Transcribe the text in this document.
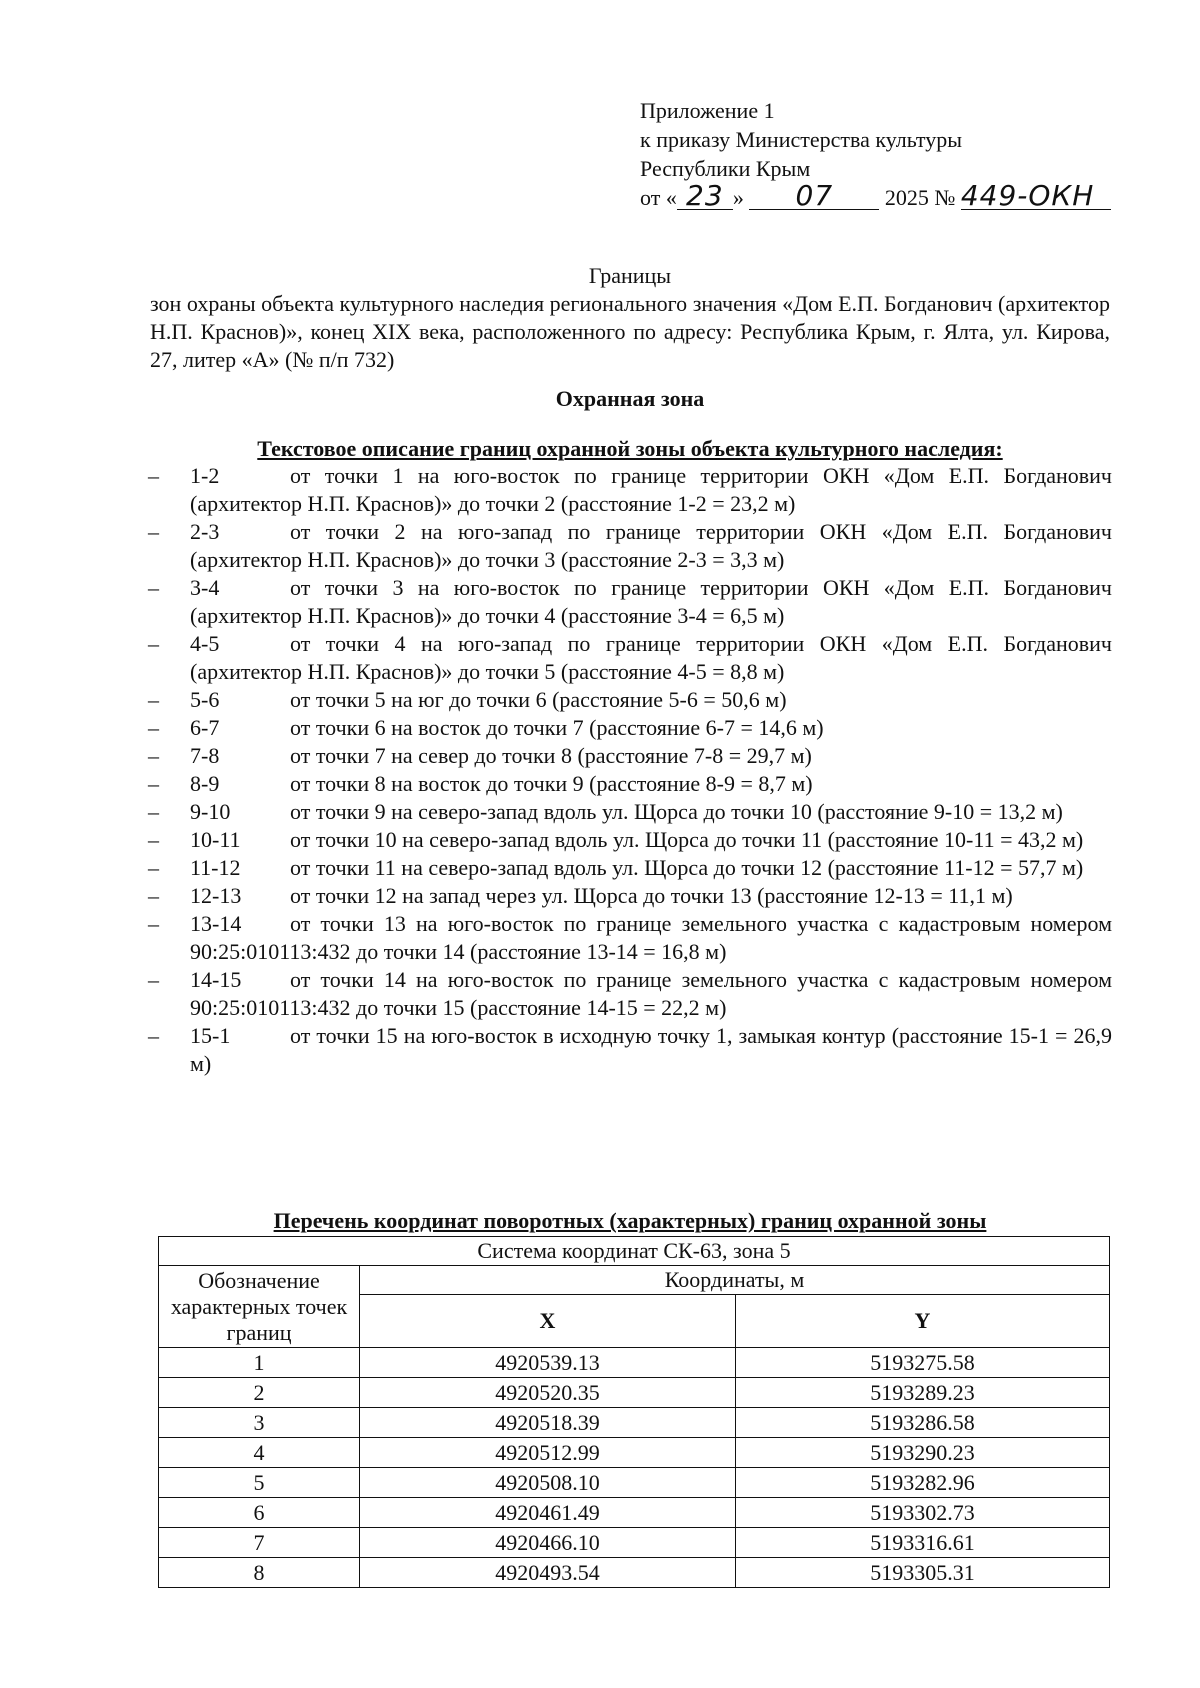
Приложение 1
к приказу Министерства культуры
Республики Крым
от « 23 » 07 2025 № 449-ОКН
Границы
зон охраны объекта культурного наследия регионального значения «Дом Е.П. Богданович (архитектор Н.П. Краснов)», конец XIX века, расположенного по адресу: Республика Крым, г. Ялта, ул. Кирова, 27, литер «А» (№ п/п 732)
Охранная зона
Текстовое описание границ охранной зоны объекта культурного наследия:
–	1-2	от точки 1 на юго-восток по границе территории ОКН «Дом Е.П. Богданович (архитектор Н.П. Краснов)» до точки 2 (расстояние 1-2 = 23,2 м)
–	2-3	от точки 2 на юго-запад по границе территории ОКН «Дом Е.П. Богданович (архитектор Н.П. Краснов)» до точки 3 (расстояние 2-3 = 3,3 м)
–	3-4	от точки 3 на юго-восток по границе территории ОКН «Дом Е.П. Богданович (архитектор Н.П. Краснов)» до точки 4 (расстояние 3-4 = 6,5 м)
–	4-5	от точки 4 на юго-запад по границе территории ОКН «Дом Е.П. Богданович (архитектор Н.П. Краснов)» до точки 5 (расстояние 4-5 = 8,8 м)
–	5-6	от точки 5 на юг до точки 6 (расстояние 5-6 = 50,6 м)
–	6-7	от точки 6 на восток до точки 7 (расстояние 6-7 = 14,6 м)
–	7-8	от точки 7 на север до точки 8 (расстояние 7-8 = 29,7 м)
–	8-9	от точки 8 на восток до точки 9 (расстояние 8-9 = 8,7 м)
–	9-10	от точки 9 на северо-запад вдоль ул. Щорса до точки 10 (расстояние 9-10 = 13,2 м)
–	10-11 от точки 10 на северо-запад вдоль ул. Щорса до точки 11 (расстояние 10-11 = 43,2 м)
–	11-12 от точки 11 на северо-запад вдоль ул. Щорса до точки 12 (расстояние 11-12 = 57,7 м)
–	12-13 от точки 12 на запад через ул. Щорса до точки 13 (расстояние 12-13 = 11,1 м)
–	13-14 от точки 13 на юго-восток по границе земельного участка с кадастровым номером 90:25:010113:432 до точки 14 (расстояние 13-14 = 16,8 м)
–	14-15 от точки 14 на юго-восток по границе земельного участка с кадастровым номером 90:25:010113:432 до точки 15 (расстояние 14-15 = 22,2 м)
–	15-1	от точки 15 на юго-восток в исходную точку 1, замыкая контур (расстояние 15-1 = 26,9 м)
Перечень координат поворотных (характерных) границ охранной зоны
Система координат СК-63, зона 5		
Обозначение характерных точек границ	Координаты, м	
	X	Y
1	4920539.13	5193275.58
2	4920520.35	5193289.23
3	4920518.39	5193286.58
4	4920512.99	5193290.23
5	4920508.10	5193282.96
6	4920461.49	5193302.73
7	4920466.10	5193316.61
8	4920493.54	5193305.31
